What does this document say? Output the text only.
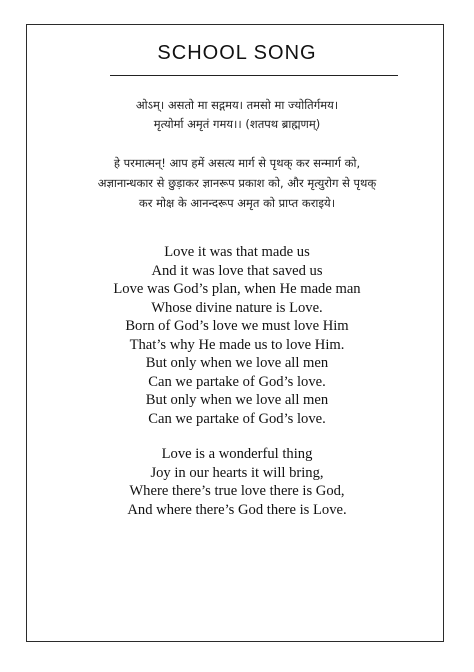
SCHOOL SONG
ओऽम्। असतो मा सद्गमय। तमसो मा ज्योतिर्गमय।
मृत्योर्मा अमृतं गमय।। (शतपथ ब्राह्मणम्)
हे परमात्मन्! आप हमें असत्य मार्ग से पृथक् कर सन्मार्ग को,
अज्ञानान्धकार से छुड़ाकर ज्ञानरूप प्रकाश को, और मृत्युरोग से पृथक्
कर मोक्ष के आनन्दरूप अमृत को प्राप्त कराइये।
Love it was that made us
And it was love that saved us
Love was God’s plan, when He made man
Whose divine nature is Love.
Born of God’s love we must love Him
That’s why He made us to love Him.
But only when we love all men
Can we partake of God’s love.
But only when we love all men
Can we partake of God’s love.
Love is a wonderful thing
Joy in our hearts it will bring,
Where there’s true love there is God,
And where there’s God there is Love.
